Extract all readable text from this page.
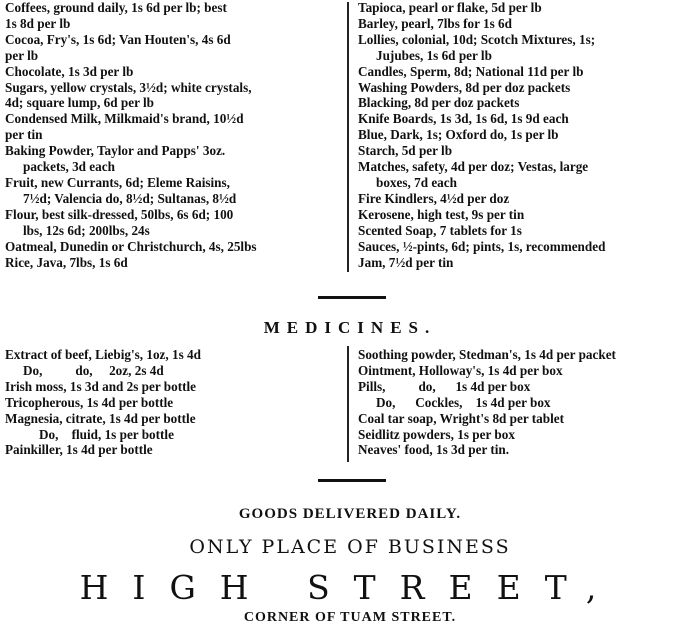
Coffees, ground daily, 1s 6d per lb; best
1s 8d per lb
Cocoa, Fry's, 1s 6d; Van Houten's, 4s 6d
per lb
Chocolate, 1s 3d per lb
Sugars, yellow crystals, 3½d; white crystals,
4d; square lump, 6d per lb
Condensed Milk, Milkmaid's brand, 10½d
per tin
Baking Powder, Taylor and Papps' 3oz.
packets, 3d each
Fruit, new Currants, 6d; Eleme Raisins,
7½d; Valencia do, 8½d; Sultanas, 8½d
Flour, best silk-dressed, 50lbs, 6s 6d; 100
lbs, 12s 6d; 200lbs, 24s
Oatmeal, Dunedin or Christchurch, 4s, 25lbs
Rice, Java, 7lbs, 1s 6d
Tapioca, pearl or flake, 5d per lb
Barley, pearl, 7lbs for 1s 6d
Lollies, colonial, 10d; Scotch Mixtures, 1s;
Jujubes, 1s 6d per lb
Candles, Sperm, 8d; National 11d per lb
Washing Powders, 8d per doz packets
Blacking, 8d per doz packets
Knife Boards, 1s 3d, 1s 6d, 1s 9d each
Blue, Dark, 1s; Oxford do, 1s per lb
Starch, 5d per lb
Matches, safety, 4d per doz; Vestas, large
boxes, 7d each
Fire Kindlers, 4½d per doz
Kerosene, high test, 9s per tin
Scented Soap, 7 tablets for 1s
Sauces, ½-pints, 6d; pints, 1s, recommended
Jam, 7½d per tin
MEDICINES.
Extract of beef, Liebig's, 1oz, 1s 4d
Do,          do,     2oz, 2s 4d
Irish moss, 1s 3d and 2s per bottle
Tricopherous, 1s 4d per bottle
Magnesia, citrate, 1s 4d per bottle
Do,    fluid, 1s per bottle
Painkiller, 1s 4d per bottle
Soothing powder, Stedman's, 1s 4d per packet
Ointment, Holloway's, 1s 4d per box
Pills,          do,      1s 4d per box
Do,      Cockles,    1s 4d per box
Coal tar soap, Wright's 8d per tablet
Seidlitz powders, 1s per box
Neaves' food, 1s 3d per tin.
GOODS DELIVERED DAILY.
ONLY PLACE OF BUSINESS
HIGH STREET,
CORNER OF TUAM STREET.
